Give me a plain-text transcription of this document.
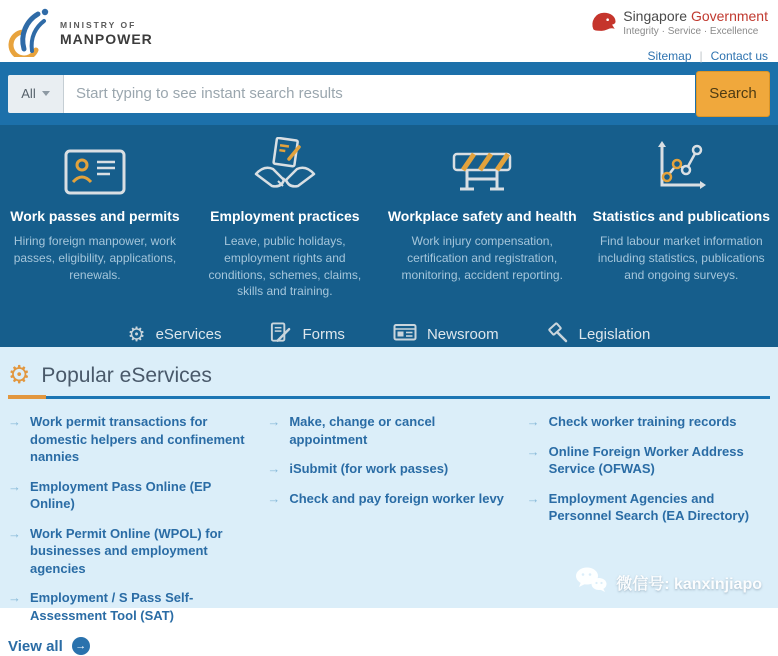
MINISTRY OF
MANPOWER
Singapore Government
Integrity · Service · Excellence
Sitemap | Contact us
All
Start typing to see instant search results	Search
Work passes and permits
Hiring foreign manpower, work passes, eligibility, applications, renewals.
Employment practices
Leave, public holidays, employment rights and conditions, schemes, claims, skills and training.
Workplace safety and health
Work injury compensation, certification and registration, monitoring, accident reporting.
Statistics and publications
Find labour market information including statistics, publications and ongoing surveys.
⚙ eServices	Forms	Newsroom	Legislation
⚙ Popular eServices
→ Work permit transactions for domestic helpers and confinement nannies
→ Employment Pass Online (EP Online)
→ Work Permit Online (WPOL) for businesses and employment agencies
→ Employment / S Pass Self-Assessment Tool (SAT)
→ Make, change or cancel appointment
→ iSubmit (for work passes)
→ Check and pay foreign worker levy
→ Check worker training records
→ Online Foreign Worker Address Service (OFWAS)
→ Employment Agencies and Personnel Search (EA Directory)
View all →
微信号: kanxinjiapo
